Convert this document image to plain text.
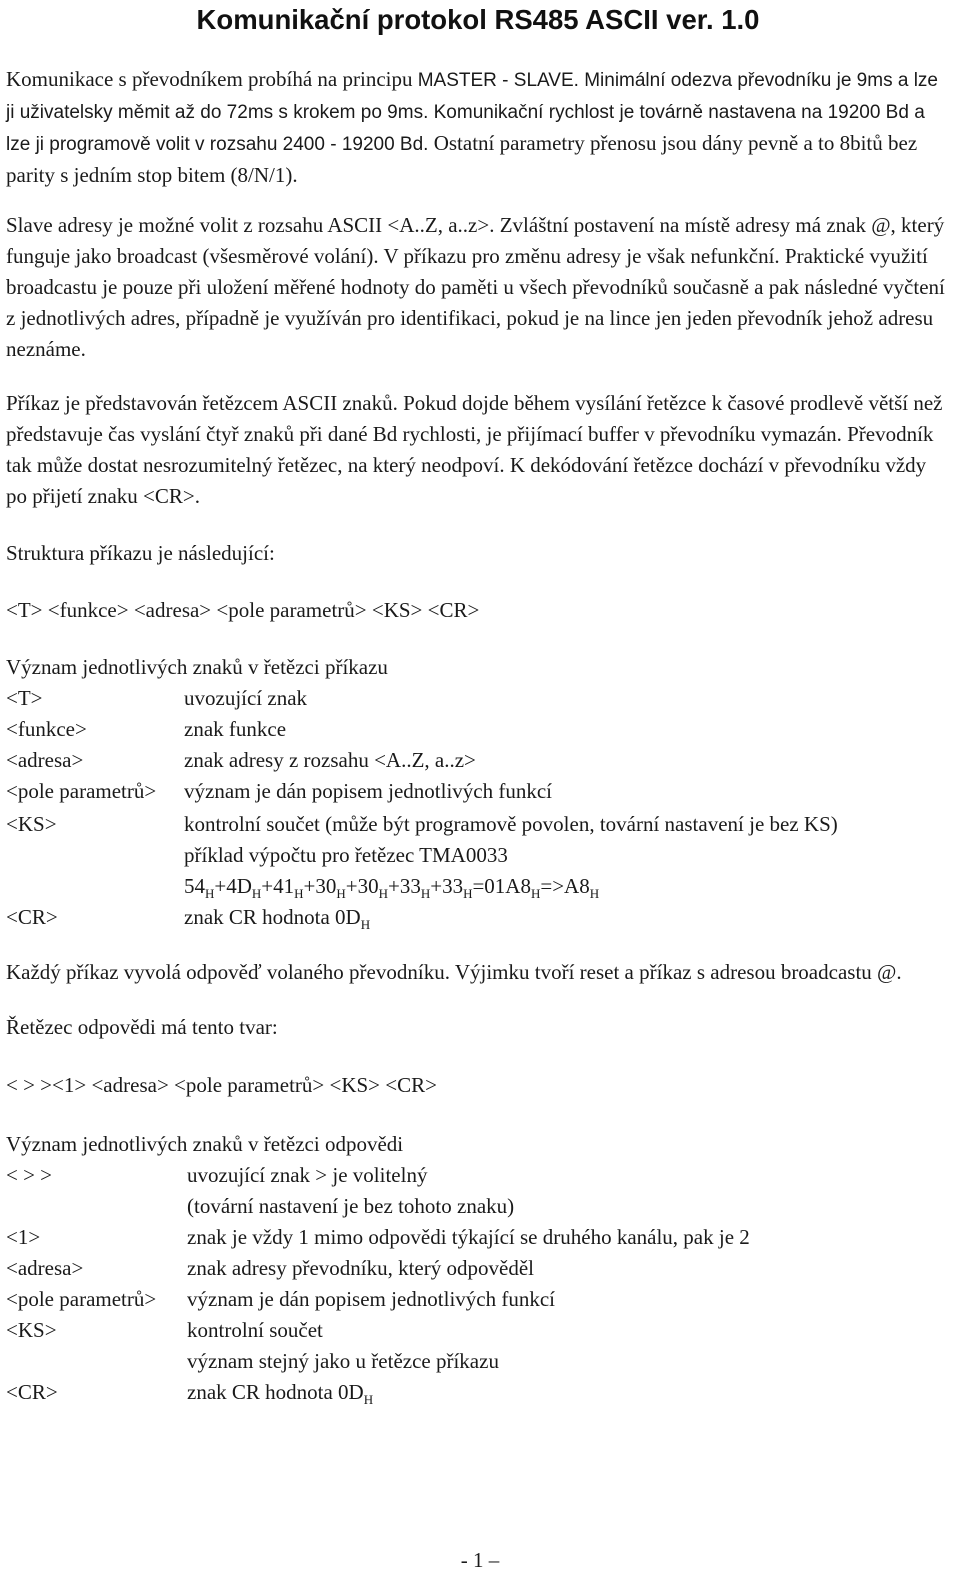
Komunikační protokol RS485 ASCII ver. 1.0

Komunikace s převodníkem probíhá na principu MASTER - SLAVE. Minimální odezva převodníku je 9ms a lze ji uživatelsky měmit až do 72ms s krokem po 9ms. Komunikační rychlost je továrně nastavena na 19200 Bd a lze ji programově volit v rozsahu 2400 - 19200 Bd. Ostatní parametry přenosu jsou dány pevně a to 8bitů bez parity s jedním stop bitem (8/N/1).

Slave adresy je možné volit z rozsahu ASCII <A..Z, a..z>. Zvláštní postavení na místě adresy má znak @, který funguje jako broadcast (všesměrové volání). V příkazu pro změnu adresy je však nefunkční. Praktické využití broadcastu je pouze při uložení měřené hodnoty do paměti u všech převodníků současně a pak následné vyčtení z jednotlivých adres, případně je využíván pro identifikaci, pokud je na lince jen jeden převodník jehož adresu neznáme.

Příkaz je představován řetězcem ASCII znaků. Pokud dojde během vysílání řetězce k časové prodlevě větší než představuje čas vyslání čtyř znaků při dané Bd rychlosti, je přijímací buffer v převodníku vymazán. Převodník tak může dostat nesrozumitelný řetězec, na který neodpoví. K dekódování řetězce dochází v převodníku vždy po přijetí znaku <CR>.

Struktura příkazu je následující:

<T> <funkce> <adresa> <pole parametrů> <KS> <CR>

Význam jednotlivých znaků v řetězci příkazu

<T>	uvozující znak
<funkce>	znak funkce
<adresa>	znak adresy z rozsahu <A..Z, a..z>
<pole parametrů>	význam je dán popisem jednotlivých funkcí
<KS>	kontrolní součet (může být programově povolen, tovární nastavení je bez KS)
příklad výpočtu pro řetězec TMA0033
$54_H+4D_H+41_H+30_H+30_H+33_H+33_H=01A8_H=>A8_H$
<CR>	znak CR hodnota $0D_H$

Každý příkaz vyvolá odpověď volaného převodníku. Výjimku tvoří reset a příkaz s adresou broadcastu @.

Řetězec odpovědi má tento tvar:

< > ><1> <adresa> <pole parametrů> <KS> <CR>

Význam jednotlivých znaků v řetězci odpovědi

< > >	uvozující znak > je volitelný
(tovární nastavení je bez tohoto znaku)
<1>	znak je vždy 1 mimo odpovědi týkající se druhého kanálu, pak je 2
<adresa>	znak adresy převodníku, který odpověděl
<pole parametrů>	význam je dán popisem jednotlivých funkcí
<KS>	kontrolní součet
význam stejný jako u řetězce příkazu
<CR>	znak CR hodnota $0D_H$
- 1 –
